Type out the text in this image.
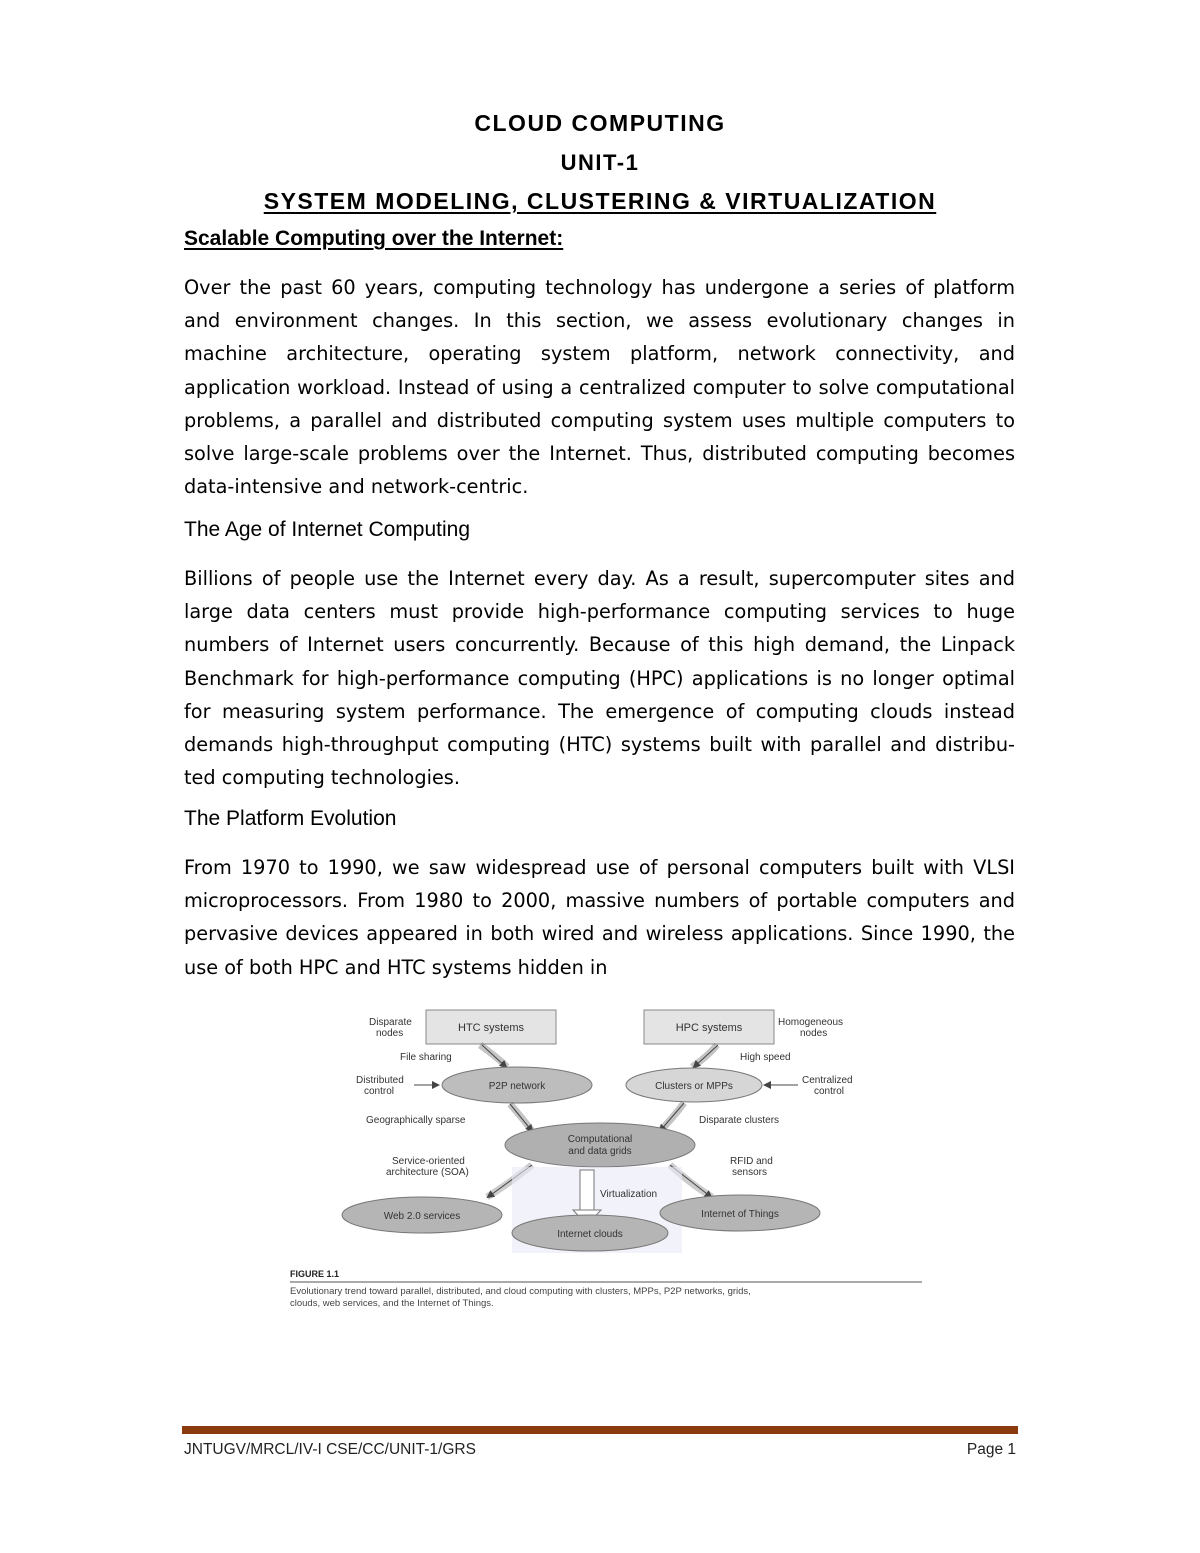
CLOUD COMPUTING
UNIT-1
SYSTEM MODELING, CLUSTERING & VIRTUALIZATION
Scalable Computing over the Internet:
Over the past 60 years, computing technology has undergone a series of platform and environment changes. In this section, we assess evolutionary changes in machine architecture, operating system platform, network connectivity, and application workload. Instead of using a centralized computer to solve computational problems, a parallel and distributed computing system uses multiple computers to solve large-scale problems over the Internet. Thus, distributed computing becomes data-intensive and network-centric.
The Age of Internet Computing
Billions of people use the Internet every day. As a result, supercomputer sites and large data centers must provide high-performance computing services to huge numbers of Internet users concurrently. Because of this high demand, the Linpack Benchmark for high-performance computing (HPC) applications is no longer optimal for measuring system performance. The emergence of computing clouds instead demands high-throughput computing (HTC) systems built with parallel and distribu-ted computing technologies.
The Platform Evolution
From 1970 to 1990, we saw widespread use of personal computers built with VLSI microprocessors. From 1980 to 2000, massive numbers of portable computers and pervasive devices appeared in both wired and wireless applications. Since 1990, the use of both HPC and HTC systems hidden in
HTC systems	HPC systems
Disparate
nodes
Homogeneous
nodes
File sharing	High speed
P2P network
Distributed
control	Clusters or MPPs
Centralized
control
Geographically sparse	Disparate clusters
Computational
and data grids
Service-oriented
architecture (SOA)
RFID and
sensors
Virtualization
Web 2.0 services	Internet of Things
Internet clouds
FIGURE 1.1
Evolutionary trend toward parallel, distributed, and cloud computing with clusters, MPPs, P2P networks, grids,
clouds, web services, and the Internet of Things.
JNTUGV/MRCL/IV-I CSE/CC/UNIT-1/GRS	Page 1
